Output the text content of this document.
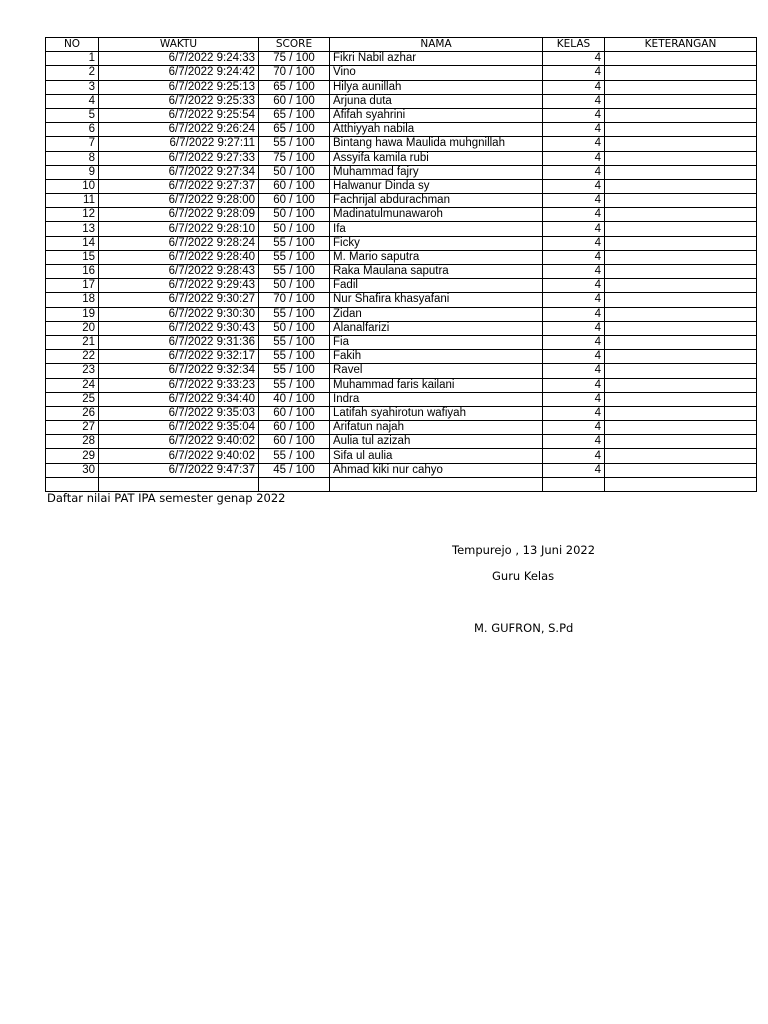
NO	WAKTU	SCORE	NAMA	KELAS	KETERANGAN
1	6/7/2022 9:24:33	75 / 100	Fikri Nabil azhar	4	
2	6/7/2022 9:24:42	70 / 100	Vino	4	
3	6/7/2022 9:25:13	65 / 100	Hilya aunillah	4	
4	6/7/2022 9:25:33	60 / 100	Arjuna duta	4	
5	6/7/2022 9:25:54	65 / 100	Afifah syahrini	4	
6	6/7/2022 9:26:24	65 / 100	Atthiyyah nabila	4	
7	6/7/2022 9:27:11	55 / 100	Bintang hawa Maulida muhgnillah	4	
8	6/7/2022 9:27:33	75 / 100	Assyifa kamila rubi	4	
9	6/7/2022 9:27:34	50 / 100	Muhammad fajry	4	
10	6/7/2022 9:27:37	60 / 100	Halwanur Dinda sy	4	
11	6/7/2022 9:28:00	60 / 100	Fachrijal abdurachman	4	
12	6/7/2022 9:28:09	50 / 100	Madinatulmunawaroh	4	
13	6/7/2022 9:28:10	50 / 100	Ifa	4	
14	6/7/2022 9:28:24	55 / 100	Ficky	4	
15	6/7/2022 9:28:40	55 / 100	M. Mario saputra	4	
16	6/7/2022 9:28:43	55 / 100	Raka Maulana saputra	4	
17	6/7/2022 9:29:43	50 / 100	Fadil	4	
18	6/7/2022 9:30:27	70 / 100	Nur Shafira khasyafani	4	
19	6/7/2022 9:30:30	55 / 100	Zidan	4	
20	6/7/2022 9:30:43	50 / 100	Alanalfarizi	4	
21	6/7/2022 9:31:36	55 / 100	Fia	4	
22	6/7/2022 9:32:17	55 / 100	Fakih	4	
23	6/7/2022 9:32:34	55 / 100	Ravel	4	
24	6/7/2022 9:33:23	55 / 100	Muhammad faris kailani	4	
25	6/7/2022 9:34:40	40 / 100	Indra	4	
26	6/7/2022 9:35:03	60 / 100	Latifah syahirotun wafiyah	4	
27	6/7/2022 9:35:04	60 / 100	Arifatun najah	4	
28	6/7/2022 9:40:02	60 / 100	Aulia tul azizah	4	
29	6/7/2022 9:40:02	55 / 100	Sifa ul aulia	4	
30	6/7/2022 9:47:37	45 / 100	Ahmad kiki nur cahyo	4	

Daftar nilai PAT IPA semester genap 2022
Tempurejo , 13 Juni 2022
Guru Kelas
M. GUFRON, S.Pd
